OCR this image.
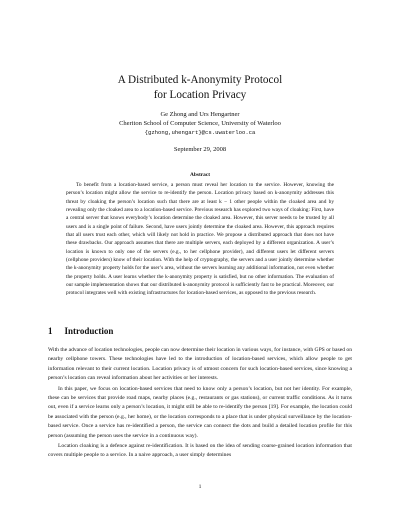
A Distributed k-Anonymity Protocol
for Location Privacy
Ge Zhong and Urs Hengartner
Cheriton School of Computer Science, University of Waterloo
{gzhong,uhengart}@cs.uwaterloo.ca
September 29, 2008
Abstract

To benefit from a location-based service, a person must reveal her location to the service. However, knowing the person’s location might allow the service to re-identify the person. Location privacy based on k-anonymity addresses this threat by cloaking the person’s location such that there are at least k − 1 other people within the cloaked area and by revealing only the cloaked area to a location-based service. Previous research has explored two ways of cloaking: First, have a central server that knows everybody’s location determine the cloaked area. However, this server needs to be trusted by all users and is a single point of failure. Second, have users jointly determine the cloaked area. However, this approach requires that all users trust each other, which will likely not hold in practice. We propose a distributed approach that does not have these drawbacks. Our approach assumes that there are multiple servers, each deployed by a different organization. A user’s location is known to only one of the servers (e.g., to her cellphone provider), and different users let different servers (cellphone providers) know of their location. With the help of cryptography, the servers and a user jointly determine whether the k-anonymity property holds for the user’s area, without the servers learning any additional information, not even whether the property holds. A user learns whether the k-anonymity property is satisfied, but no other information. The evaluation of our sample implementation shows that our distributed k-anonymity protocol is sufficiently fast to be practical. Moreover, our protocol integrates well with existing infrastructures for location-based services, as opposed to the previous research.

1 Introduction

With the advance of location technologies, people can now determine their location in various ways, for instance, with GPS or based on nearby cellphone towers. These technologies have led to the introduction of location-based services, which allow people to get information relevant to their current location. Location privacy is of utmost concern for such location-based services, since knowing a person’s location can reveal information about her activities or her interests.

In this paper, we focus on location-based services that need to know only a person’s location, but not her identity. For example, these can be services that provide road maps, nearby places (e.g., restaurants or gas stations), or current traffic conditions. As it turns out, even if a service learns only a person’s location, it might still be able to re-identify the person [19]. For example, the location could be associated with the person (e.g., her home), or the location corresponds to a place that is under physical surveillance by the location-based service. Once a service has re-identified a person, the service can connect the dots and build a detailed location profile for this person (assuming the person uses the service in a continuous way).

Location cloaking is a defence against re-identification. It is based on the idea of sending coarse-grained location information that covers multiple people to a service. In a naive approach, a user simply determines

1
